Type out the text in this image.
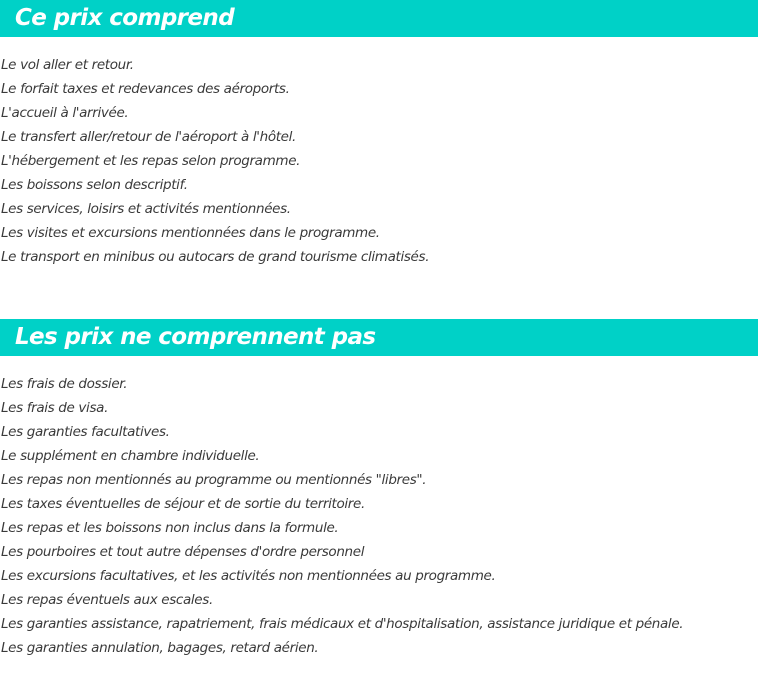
Ce prix comprend
Le vol aller et retour.
Le forfait taxes et redevances des aéroports.
L'accueil à l'arrivée.
Le transfert aller/retour de l'aéroport à l'hôtel.
L'hébergement et les repas selon programme.
Les boissons selon descriptif.
Les services, loisirs et activités mentionnées.
Les visites et excursions mentionnées dans le programme.
Le transport en minibus ou autocars de grand tourisme climatisés.
Les prix ne comprennent pas
Les frais de dossier.
Les frais de visa.
Les garanties facultatives.
Le supplément en chambre individuelle.
Les repas non mentionnés au programme ou mentionnés "libres".
Les taxes éventuelles de séjour et de sortie du territoire.
Les repas et les boissons non inclus dans la formule.
Les pourboires et tout autre dépenses d'ordre personnel
Les excursions facultatives, et les activités non mentionnées au programme.
Les repas éventuels aux escales.
Les garanties assistance, rapatriement, frais médicaux et d'hospitalisation, assistance juridique et pénale.
Les garanties annulation, bagages, retard aérien.
